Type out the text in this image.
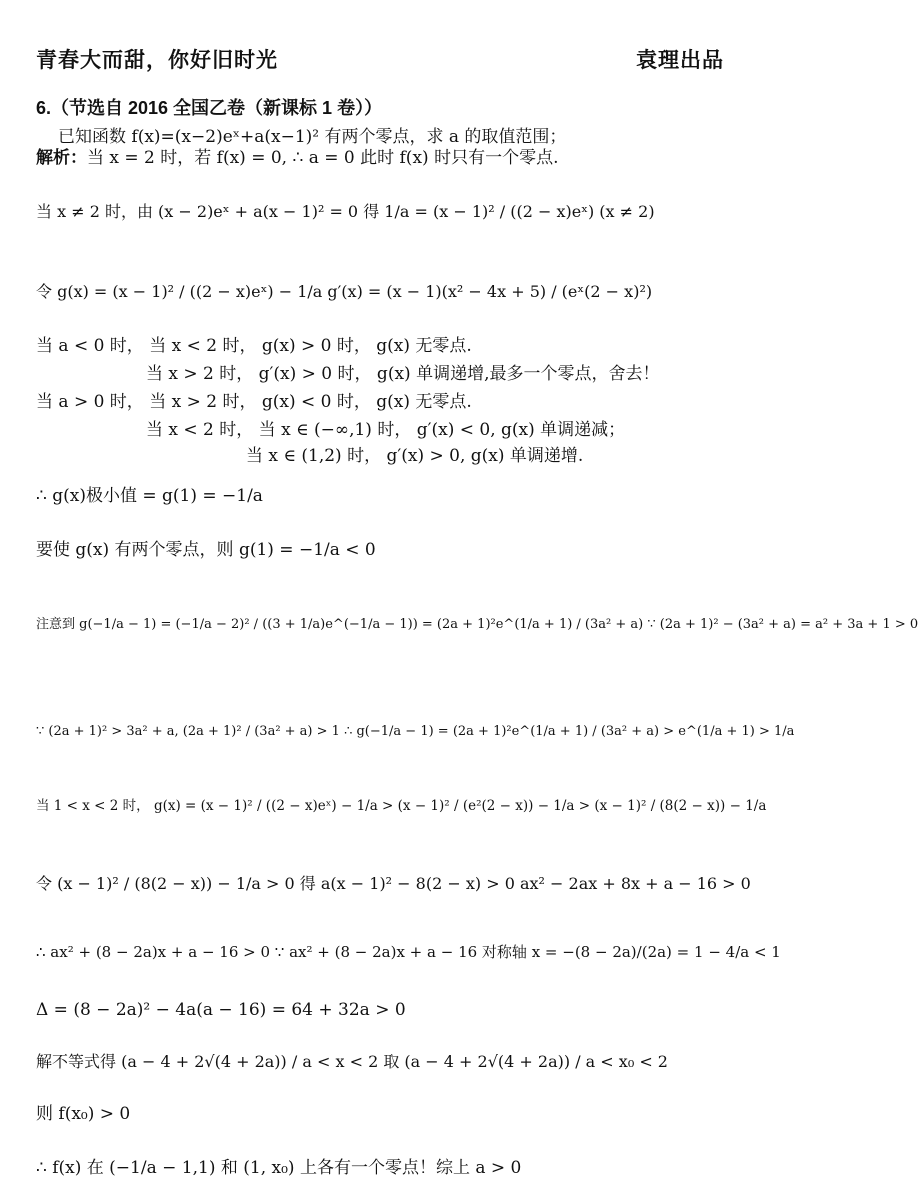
青春大而甜，你好旧时光	袁理出品
6.（节选自 2016 全国乙卷（新课标 1 卷））
已知函数 f(x)=(x−2)eˣ+a(x−1)² 有两个零点，求 a 的取值范围；
解析：当 x = 2 时，若 f(x) = 0, ∴ a = 0 此时 f(x) 时只有一个零点.
当 x ≠ 2 时，由 (x − 2)eˣ + a(x − 1)² = 0 得 1/a = (x − 1)² / ((2 − x)eˣ) (x ≠ 2)
令 g(x) = (x − 1)² / ((2 − x)eˣ) − 1/a g′(x) = (x − 1)(x² − 4x + 5) / (eˣ(2 − x)²)
当 a < 0 时， 当 x < 2 时， g(x) > 0 时， g(x) 无零点.
当 x > 2 时， g′(x) > 0 时， g(x) 单调递增,最多一个零点，舍去！
当 a > 0 时， 当 x > 2 时， g(x) < 0 时， g(x) 无零点.
当 x < 2 时， 当 x ∈ (−∞,1) 时， g′(x) < 0, g(x) 单调递减；
当 x ∈ (1,2) 时， g′(x) > 0, g(x) 单调递增.
∴ g(x)极小值 = g(1) = −1/a
要使 g(x) 有两个零点，则 g(1) = −1/a < 0
注意到 g(−1/a − 1) = (−1/a − 2)² / ((3 + 1/a)e^(−1/a − 1)) = (2a + 1)²e^(1/a + 1) / (3a² + a) ∵ (2a + 1)² − (3a² + a) = a² + 3a + 1 > 0
∵ (2a + 1)² > 3a² + a, (2a + 1)² / (3a² + a) > 1 ∴ g(−1/a − 1) = (2a + 1)²e^(1/a + 1) / (3a² + a) > e^(1/a + 1) > 1/a
当 1 < x < 2 时， g(x) = (x − 1)² / ((2 − x)eˣ) − 1/a > (x − 1)² / (e²(2 − x)) − 1/a > (x − 1)² / (8(2 − x)) − 1/a
令 (x − 1)² / (8(2 − x)) − 1/a > 0 得 a(x − 1)² − 8(2 − x) > 0 ax² − 2ax + 8x + a − 16 > 0
∴ ax² + (8 − 2a)x + a − 16 > 0 ∵ ax² + (8 − 2a)x + a − 16 对称轴 x = −(8 − 2a)/(2a) = 1 − 4/a < 1
Δ = (8 − 2a)² − 4a(a − 16) = 64 + 32a > 0
解不等式得 (a − 4 + 2√(4 + 2a)) / a < x < 2 取 (a − 4 + 2√(4 + 2a)) / a < x₀ < 2
则 f(x₀) > 0
∴ f(x) 在 (−1/a − 1,1) 和 (1, x₀) 上各有一个零点！综上 a > 0
